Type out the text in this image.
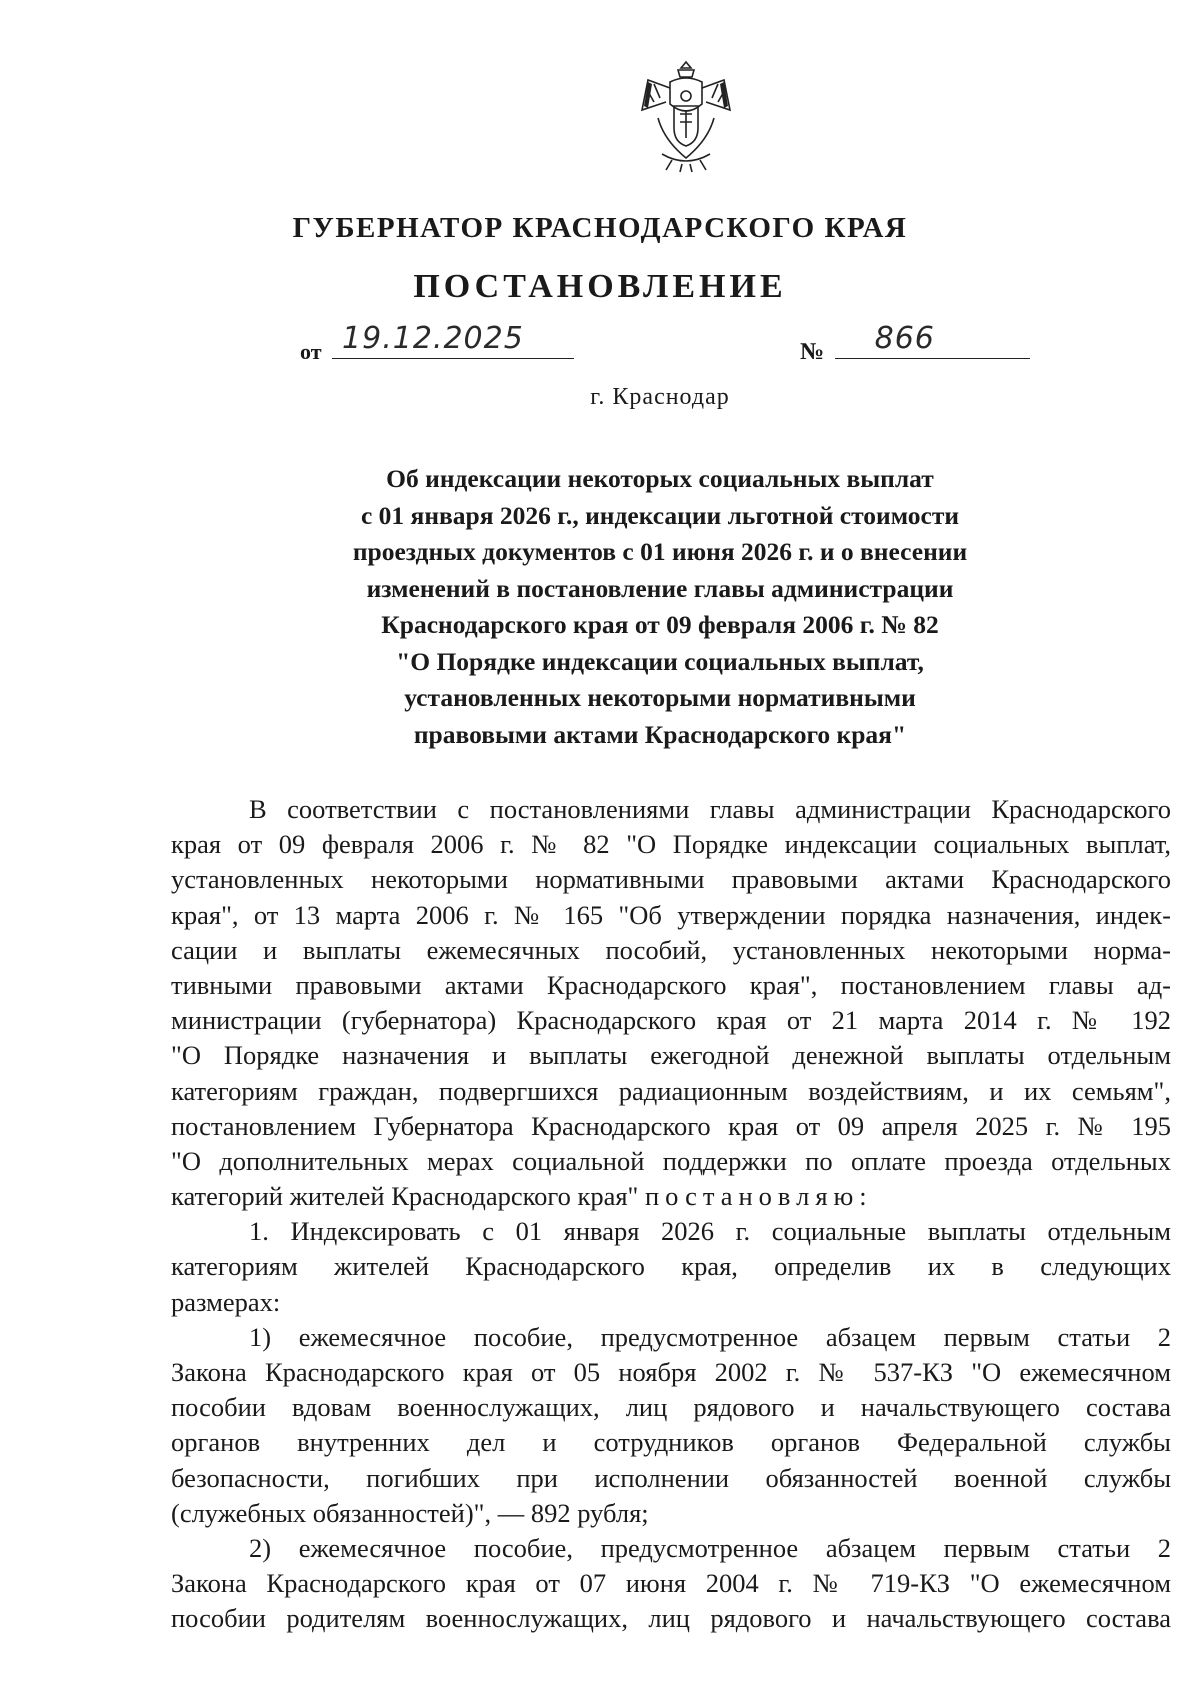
ГУБЕРНАТОР КРАСНОДАРСКОГО КРАЯ
ПОСТАНОВЛЕНИЕ
от 19.12.2025	№ 866
г. Краснодар
Об индексации некоторых социальных выплат
с 01 января 2026 г., индексации льготной стоимости
проездных документов с 01 июня 2026 г. и о внесении
изменений в постановление главы администрации
Краснодарского края от 09 февраля 2006 г. № 82
"О Порядке индексации социальных выплат,
установленных некоторыми нормативными
правовыми актами Краснодарского края"
В соответствии с постановлениями главы администрации Краснодарского
края от 09 февраля 2006 г. № 82 "О Порядке индексации социальных выплат,
установленных некоторыми нормативными правовыми актами Краснодарского
края", от 13 марта 2006 г. № 165 "Об утверждении порядка назначения, индек-
сации и выплаты ежемесячных пособий, установленных некоторыми норма-
тивными правовыми актами Краснодарского края", постановлением главы ад-
министрации (губернатора) Краснодарского края от 21 марта 2014 г. № 192
"О Порядке назначения и выплаты ежегодной денежной выплаты отдельным
категориям граждан, подвергшихся радиационным воздействиям, и их семьям",
постановлением Губернатора Краснодарского края от 09 апреля 2025 г. № 195
"О дополнительных мерах социальной поддержки по оплате проезда отдельных
категорий жителей Краснодарского края" постановляю:
1. Индексировать с 01 января 2026 г. социальные выплаты отдельным
категориям жителей Краснодарского края, определив их в следующих
размерах:
1) ежемесячное пособие, предусмотренное абзацем первым статьи 2
Закона Краснодарского края от 05 ноября 2002 г. № 537-КЗ "О ежемесячном
пособии вдовам военнослужащих, лиц рядового и начальствующего состава
органов внутренних дел и сотрудников органов Федеральной службы
безопасности, погибших при исполнении обязанностей военной службы
(служебных обязанностей)", — 892 рубля;
2) ежемесячное пособие, предусмотренное абзацем первым статьи 2
Закона Краснодарского края от 07 июня 2004 г. № 719-КЗ "О ежемесячном
пособии родителям военнослужащих, лиц рядового и начальствующего состава
